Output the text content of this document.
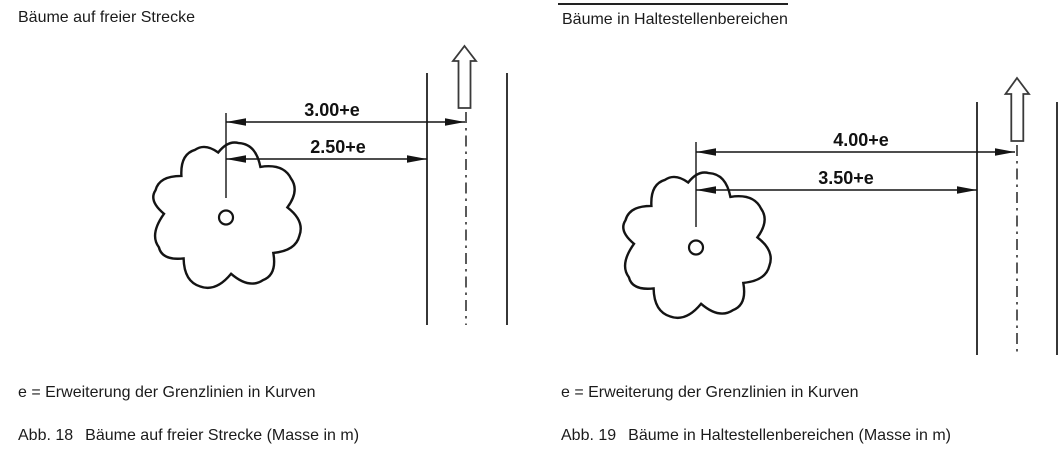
Bäume auf freier Strecke
3.00+e
2.50+e
e = Erweiterung der Grenzlinien in Kurven
Abb. 18 Bäume auf freier Strecke (Masse in m)
Bäume in Haltestellenbereichen
4.00+e
3.50+e
e = Erweiterung der Grenzlinien in Kurven
Abb. 19 Bäume in Haltestellenbereichen (Masse in m)
